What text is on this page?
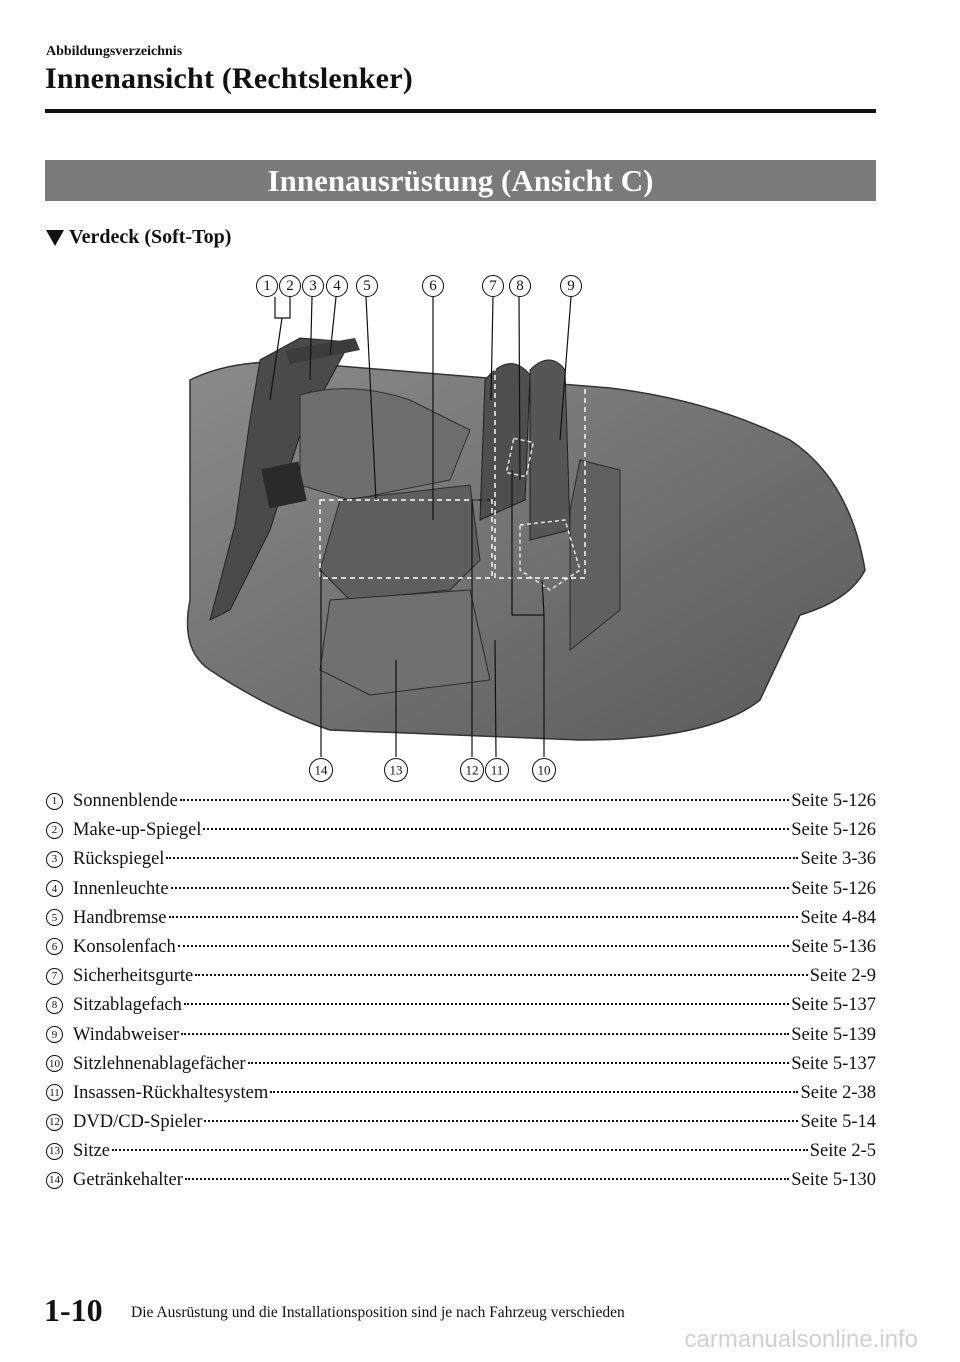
Abbildungsverzeichnis
Innenansicht (Rechtslenker)
Innenausrüstung (Ansicht C)
Verdeck (Soft-Top)
1 2 3 4 5	6	7 8	9
14	13	12 11	10
1 Sonnenblende	Seite 5-126
2 Make-up-Spiegel	Seite 5-126
3 Rückspiegel	Seite 3-36
4 Innenleuchte	Seite 5-126
5 Handbremse	Seite 4-84
6 Konsolenfach	Seite 5-136
7 Sicherheitsgurte	Seite 2-9
8 Sitzablagefach	Seite 5-137
9 Windabweiser	Seite 5-139
10 Sitzlehnenablagefächer	Seite 5-137
11 Insassen-Rückhaltesystem	Seite 2-38
12 DVD/CD-Spieler	Seite 5-14
13 Sitze	Seite 2-5
14 Getränkehalter	Seite 5-130
1-10 Die Ausrüstung und die Installationsposition sind je nach Fahrzeug verschieden
carmanualsonline.info
